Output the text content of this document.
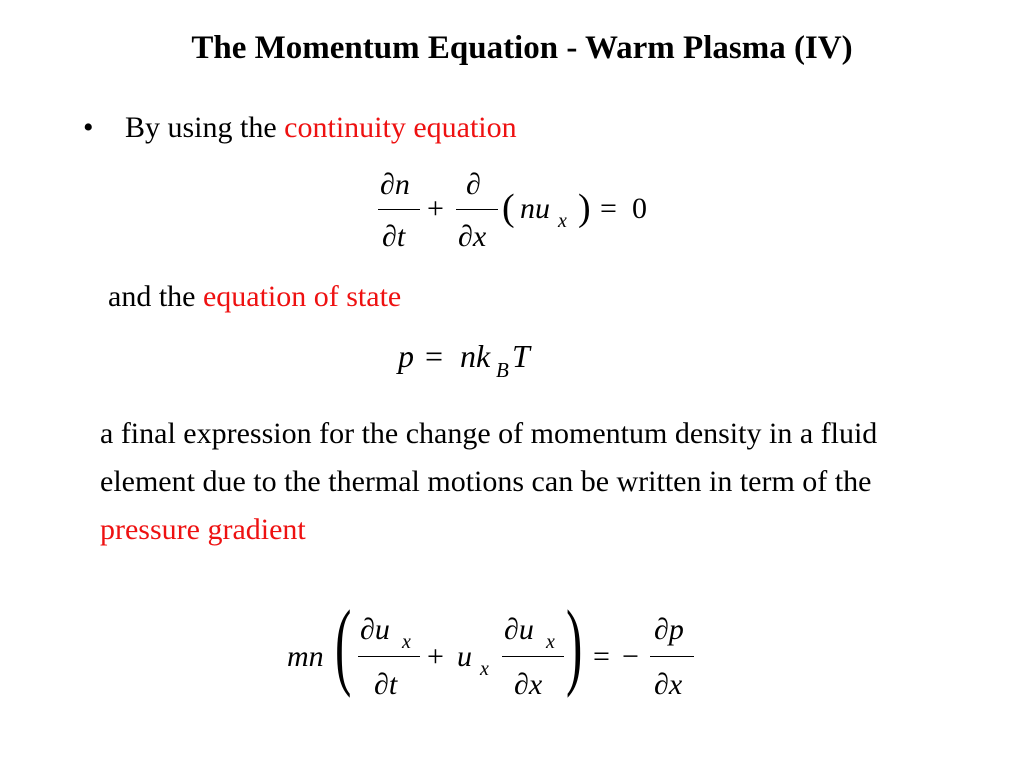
The Momentum Equation - Warm Plasma (IV)
• By using the continuity equation
∂n
∂t
+
∂
∂x
( nu x ) = 0
and the equation of state
p = nk B T
a final expression for the change of momentum density in a fluid element due to the thermal motions can be written in term of the pressure gradient
mn ( ∂u x
∂t
+ u x
∂u x
∂x ) = −
∂p
∂x
